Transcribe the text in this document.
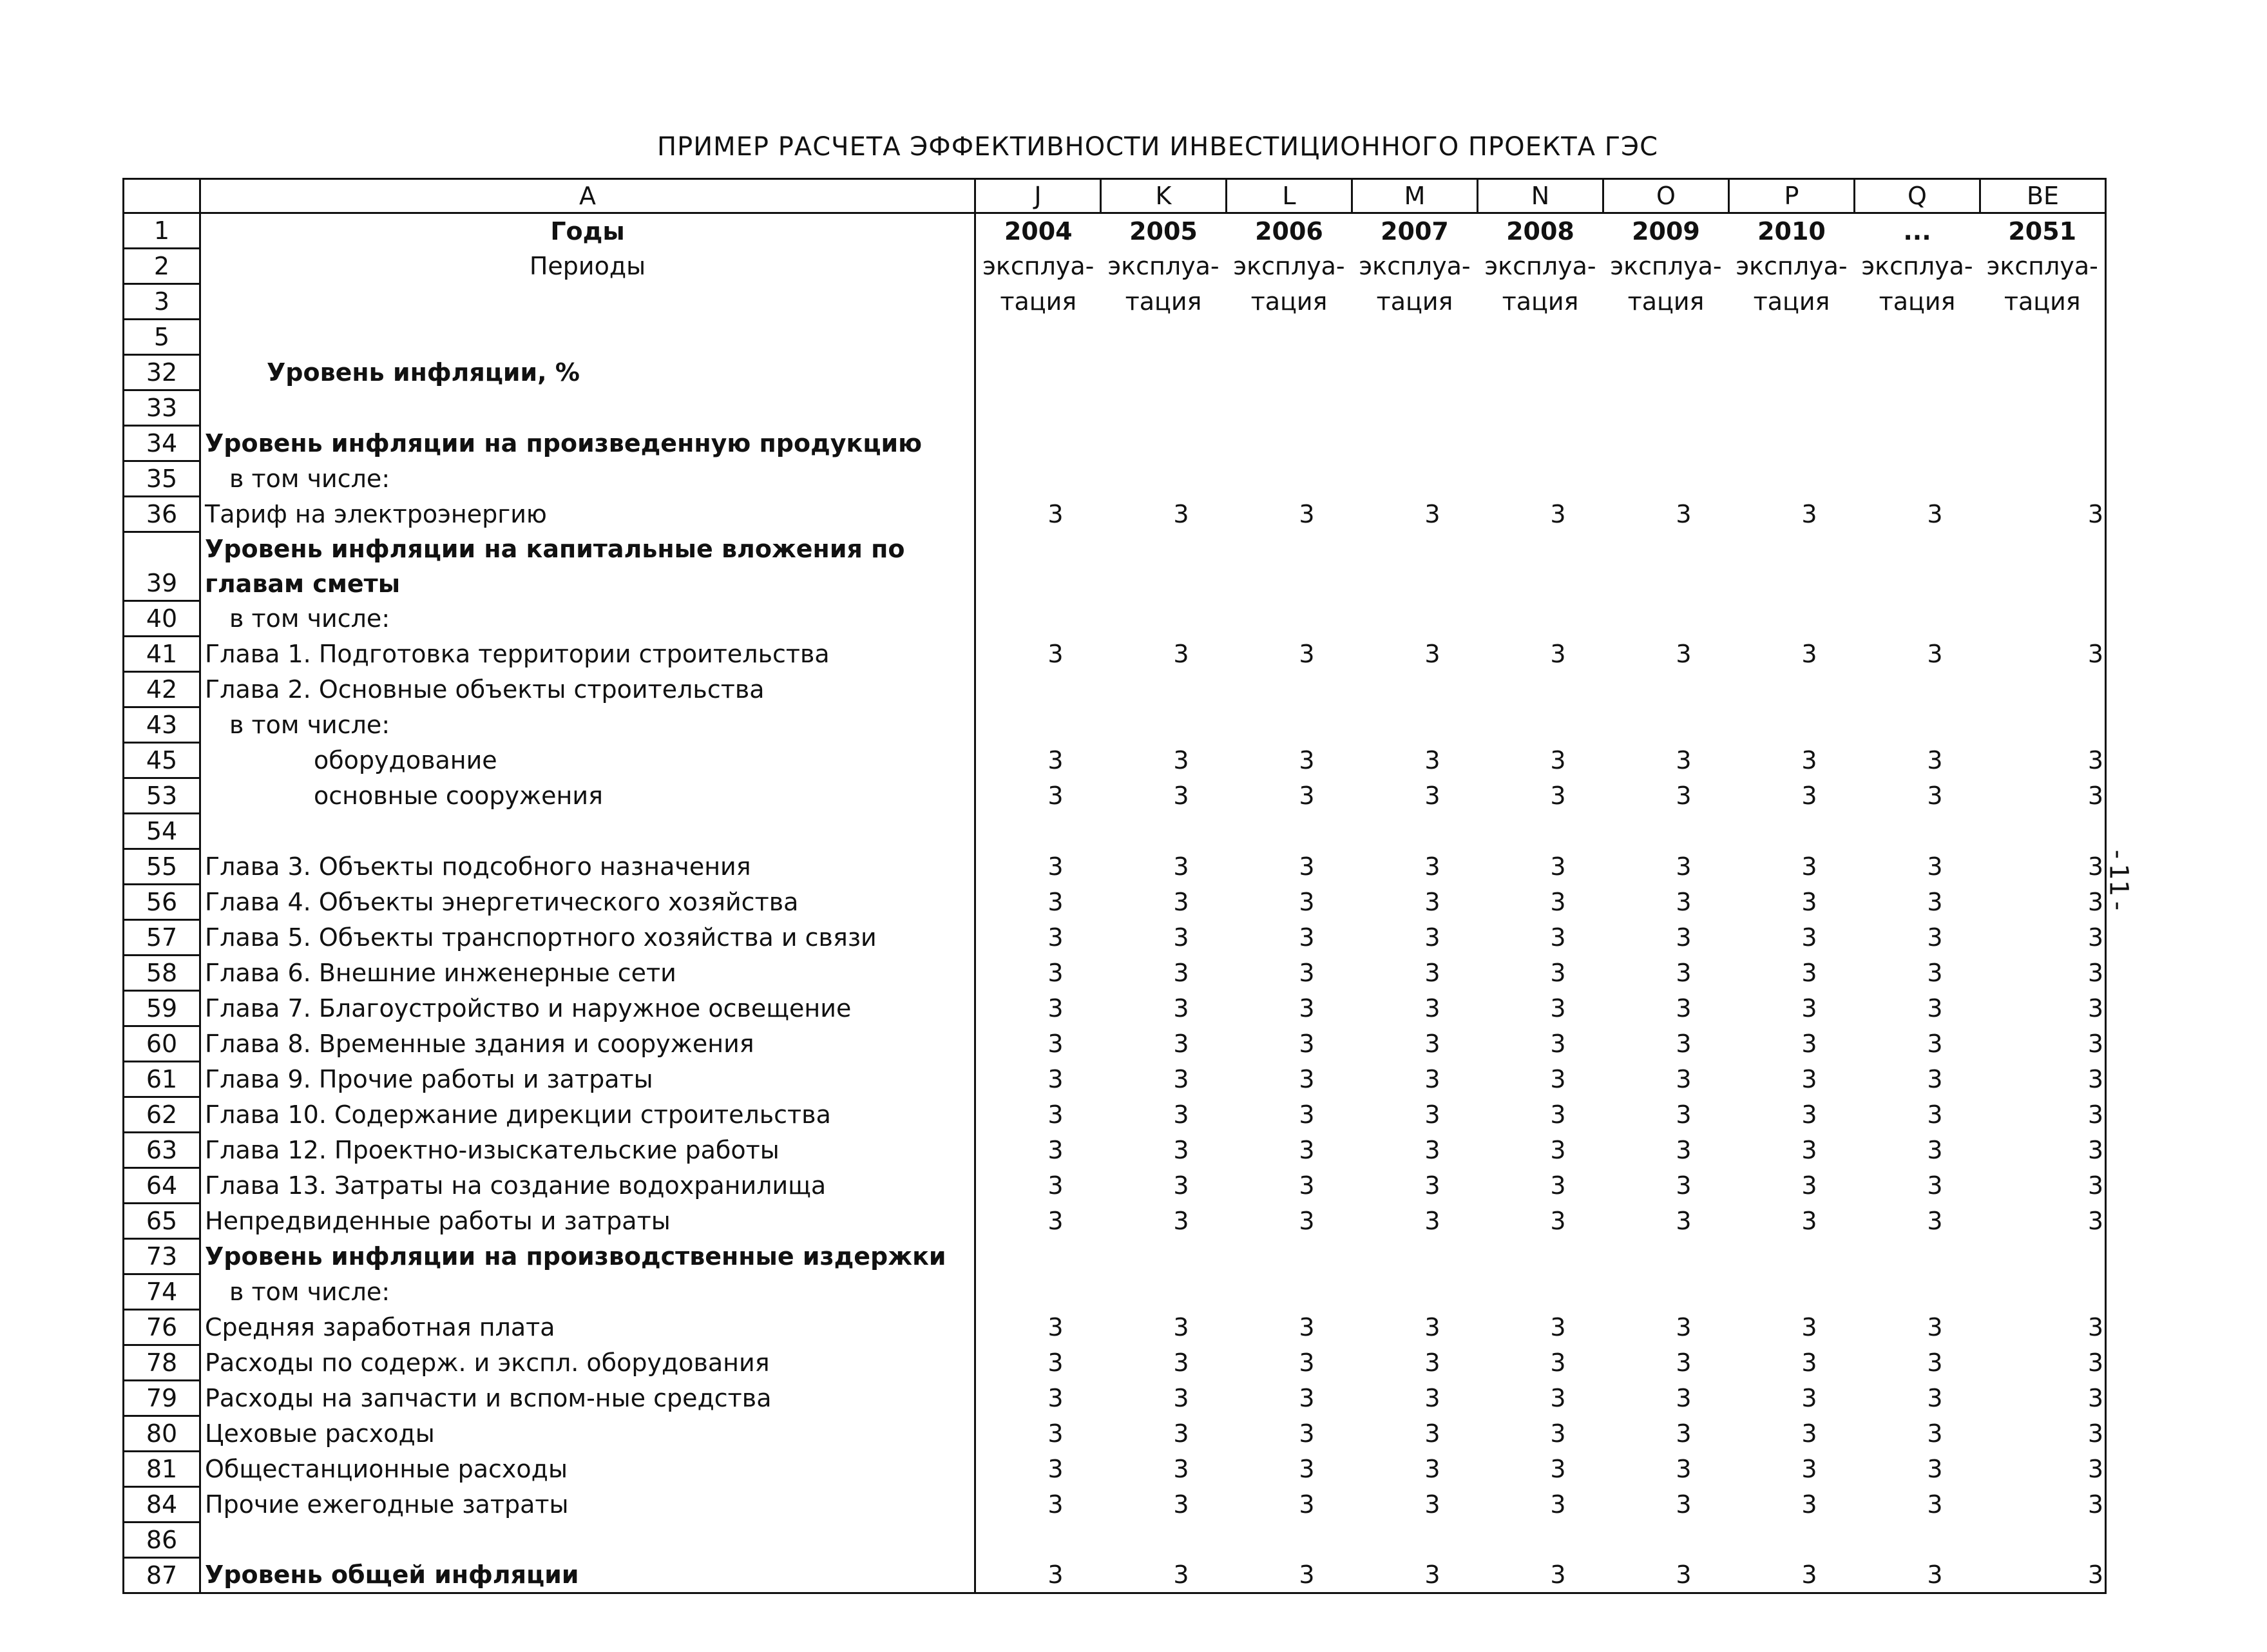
ПРИМЕР РАСЧЕТА ЭФФЕКТИВНОСТИ ИНВЕСТИЦИОННОГО ПРОЕКТА ГЭС
-
11
-
	A	J	K	L	M	N	O	P	Q	BE
1	Годы	2004	2005	2006	2007	2008	2009	2010	...	2051
2	Периоды	эксплуа-	эксплуа-	эксплуа-	эксплуа-	эксплуа-	эксплуа-	эксплуа-	эксплуа-	эксплуа-
3		тация	тация	тация	тация	тация	тация	тация	тация	тация
5										
32	Уровень инфляции, %									
33										
34	Уровень инфляции на произведенную продукцию									
35	в том числе:									
36	Тариф на электроэнергию	3	3	3	3	3	3	3	3	3
	Уровень инфляции на капитальные вложения по									
39	главам сметы									
40	в том числе:									
41	Глава 1. Подготовка территории строительства	3	3	3	3	3	3	3	3	3
42	Глава 2. Основные объекты строительства									
43	в том числе:									
45	оборудование	3	3	3	3	3	3	3	3	3
53	основные сооружения	3	3	3	3	3	3	3	3	3
54										
55	Глава 3. Объекты подсобного назначения	3	3	3	3	3	3	3	3	3
56	Глава 4. Объекты энергетического хозяйства	3	3	3	3	3	3	3	3	3
57	Глава 5. Объекты транспортного хозяйства и связи	3	3	3	3	3	3	3	3	3
58	Глава 6. Внешние инженерные сети	3	3	3	3	3	3	3	3	3
59	Глава 7. Благоустройство и наружное освещение	3	3	3	3	3	3	3	3	3
60	Глава 8. Временные здания и сооружения	3	3	3	3	3	3	3	3	3
61	Глава 9. Прочие работы и затраты	3	3	3	3	3	3	3	3	3
62	Глава 10. Содержание дирекции строительства	3	3	3	3	3	3	3	3	3
63	Глава 12. Проектно-изыскательские работы	3	3	3	3	3	3	3	3	3
64	Глава 13. Затраты на создание водохранилища	3	3	3	3	3	3	3	3	3
65	Непредвиденные работы и затраты	3	3	3	3	3	3	3	3	3
73	Уровень инфляции на производственные издержки									
74	в том числе:									
76	Средняя заработная плата	3	3	3	3	3	3	3	3	3
78	Расходы по содерж. и экспл. оборудования	3	3	3	3	3	3	3	3	3
79	Расходы на запчасти и вспом-ные средства	3	3	3	3	3	3	3	3	3
80	Цеховые расходы	3	3	3	3	3	3	3	3	3
81	Общестанционные расходы	3	3	3	3	3	3	3	3	3
84	Прочие ежегодные затраты	3	3	3	3	3	3	3	3	3
86										
87	Уровень общей инфляции	3	3	3	3	3	3	3	3	3
